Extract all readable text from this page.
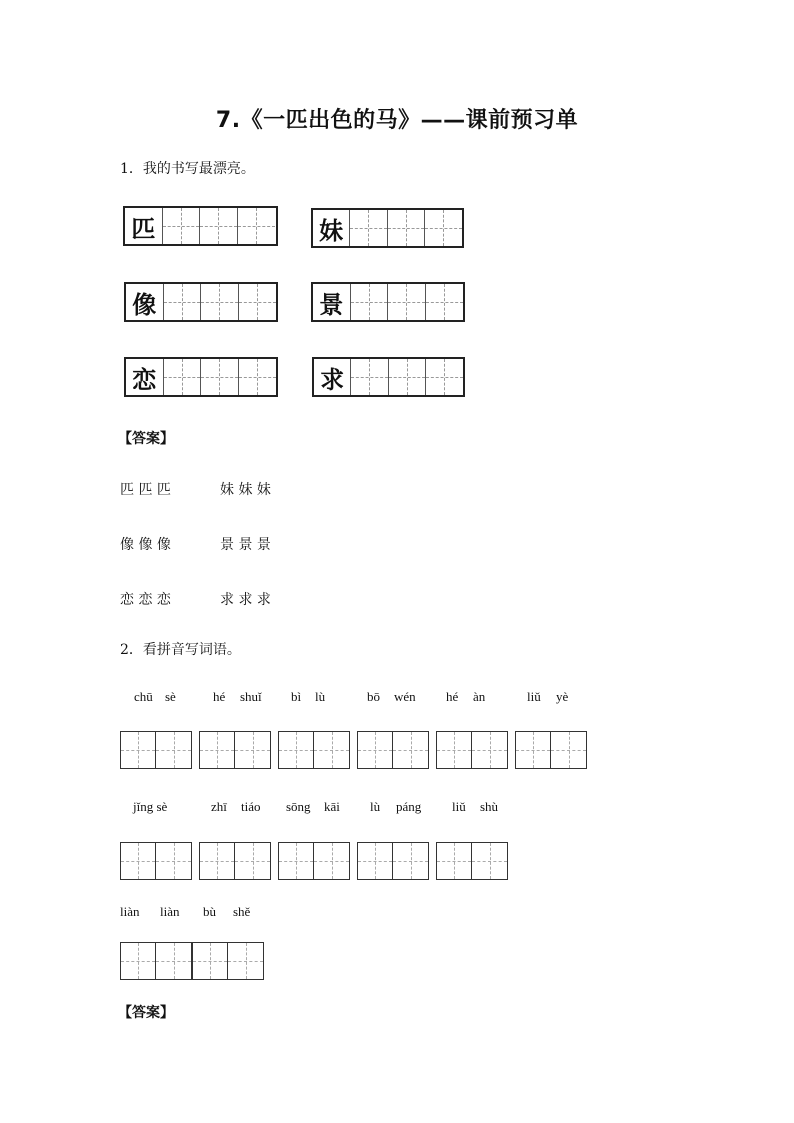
7.《一匹出色的马》——课前预习单
1．我的书写最漂亮。
匹	妹
像	景
恋	求
【答案】
匹 匹 匹	妹 妹 妹
像 像 像	景 景 景
恋 恋 恋	求 求 求
2．看拼音写词语。
chū sè	hé shuǐ bì lù	bō wén hé àn	liǔ yè
jǐng sè	zhī tiáo sōng kāi lù páng liǔ shù
liàn liàn bù shě
【答案】
